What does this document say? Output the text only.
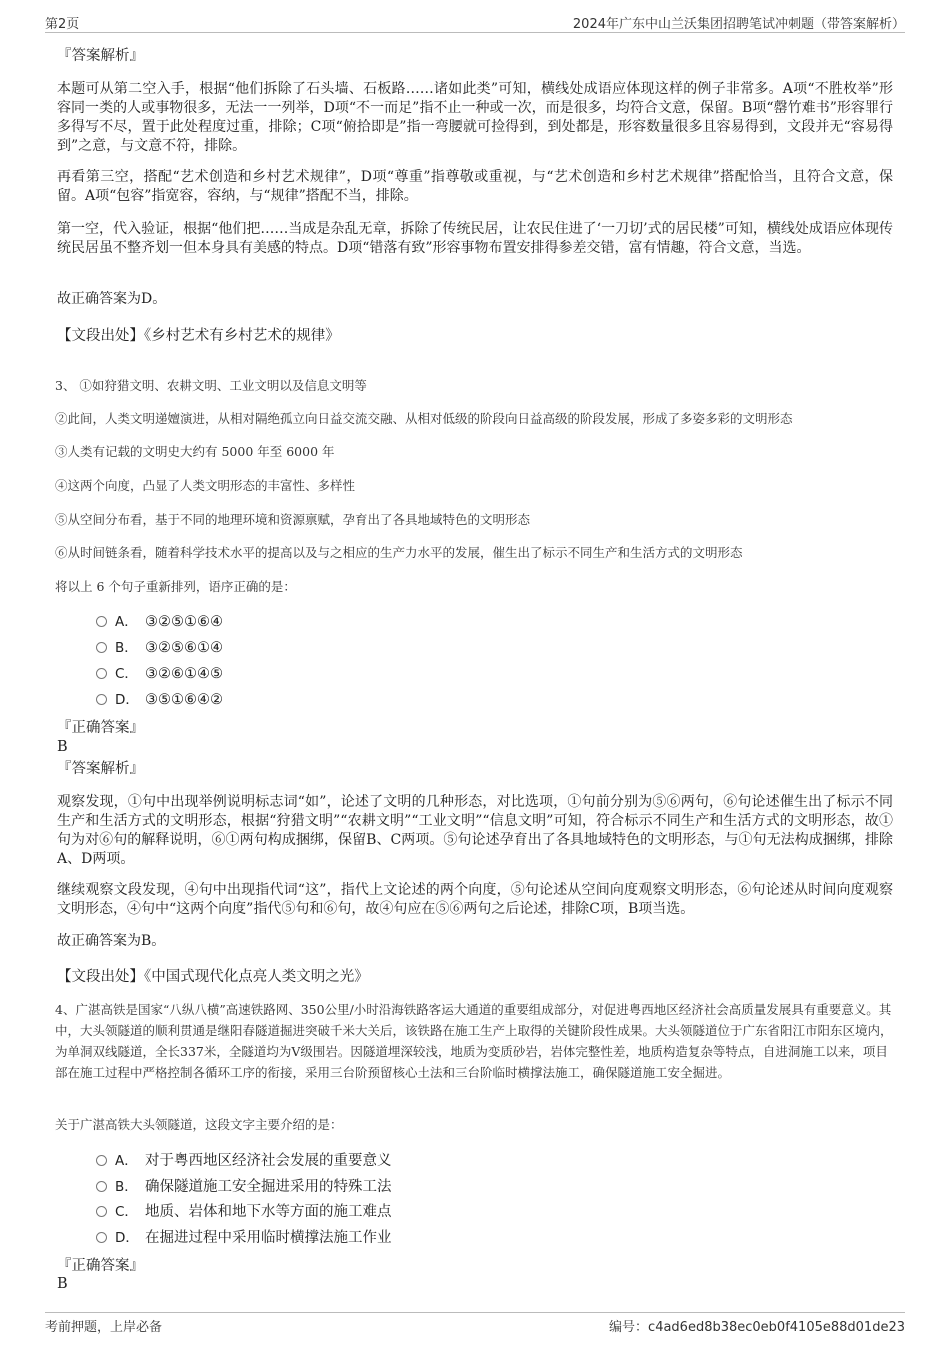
第2页	2024年广东中山兰沃集团招聘笔试冲刺题（带答案解析）
『答案解析』
本题可从第二空入手，根据“他们拆除了石头墙、石板路……诸如此类”可知，横线处成语应体现这样的例子非常多。A项“不胜枚举”形容同一类的人或事物很多，无法一一列举，D项“不一而足”指不止一种或一次，而是很多，均符合文意，保留。B项“罄竹难书”形容罪行多得写不尽，置于此处程度过重，排除；C项“俯拾即是”指一弯腰就可捡得到，到处都是，形容数量很多且容易得到，文段并无“容易得到”之意，与文意不符，排除。
再看第三空，搭配“艺术创造和乡村艺术规律”，D项“尊重”指尊敬或重视，与“艺术创造和乡村艺术规律”搭配恰当，且符合文意，保留。A项“包容”指宽容，容纳，与“规律”搭配不当，排除。
第一空，代入验证，根据“他们把……当成是杂乱无章，拆除了传统民居，让农民住进了‘一刀切’式的居民楼”可知，横线处成语应体现传统民居虽不整齐划一但本身具有美感的特点。D项“错落有致”形容事物布置安排得参差交错，富有情趣，符合文意，当选。
故正确答案为D。
【文段出处】《乡村艺术有乡村艺术的规律》
3、 ①如狩猎文明、农耕文明、工业文明以及信息文明等
②此间，人类文明递嬗演进，从相对隔绝孤立向日益交流交融、从相对低级的阶段向日益高级的阶段发展，形成了多姿多彩的文明形态
③人类有记载的文明史大约有 5000 年至 6000 年
④这两个向度，凸显了人类文明形态的丰富性、多样性
⑤从空间分布看，基于不同的地理环境和资源禀赋，孕育出了各具地域特色的文明形态
⑥从时间链条看，随着科学技术水平的提高以及与之相应的生产力水平的发展，催生出了标示不同生产和生活方式的文明形态
将以上 6 个句子重新排列，语序正确的是：
A． ③②⑤①⑥④
B． ③②⑤⑥①④
C． ③②⑥①④⑤
D． ③⑤①⑥④②
『正确答案』
B
『答案解析』
观察发现，①句中出现举例说明标志词“如”，论述了文明的几种形态，对比选项，①句前分别为⑤⑥两句，⑥句论述催生出了标示不同生产和生活方式的文明形态，根据“狩猎文明”“农耕文明”“工业文明”“信息文明”可知，符合标示不同生产和生活方式的文明形态，故①句为对⑥句的解释说明，⑥①两句构成捆绑，保留B、C两项。⑤句论述孕育出了各具地域特色的文明形态，与①句无法构成捆绑，排除A、D两项。
继续观察文段发现，④句中出现指代词“这”，指代上文论述的两个向度，⑤句论述从空间向度观察文明形态，⑥句论述从时间向度观察文明形态，④句中“这两个向度”指代⑤句和⑥句，故④句应在⑤⑥两句之后论述，排除C项，B项当选。
故正确答案为B。
【文段出处】《中国式现代化点亮人类文明之光》
4、广湛高铁是国家“八纵八横”高速铁路网、350公里/小时沿海铁路客运大通道的重要组成部分，对促进粤西地区经济社会高质量发展具有重要意义。其中，大头领隧道的顺利贯通是继阳春隧道掘进突破千米大关后，该铁路在施工生产上取得的关键阶段性成果。大头领隧道位于广东省阳江市阳东区境内，为单洞双线隧道，全长337米，全隧道均为V级围岩。因隧道埋深较浅，地质为变质砂岩，岩体完整性差，地质构造复杂等特点，自进洞施工以来，项目部在施工过程中严格控制各循环工序的衔接，采用三台阶预留核心土法和三台阶临时横撑法施工，确保隧道施工安全掘进。
关于广湛高铁大头领隧道，这段文字主要介绍的是：
A． 对于粤西地区经济社会发展的重要意义
B． 确保隧道施工安全掘进采用的特殊工法
C． 地质、岩体和地下水等方面的施工难点
D． 在掘进过程中采用临时横撑法施工作业
『正确答案』
B
考前押题，上岸必备	编号：c4ad6ed8b38ec0eb0f4105e88d01de23
